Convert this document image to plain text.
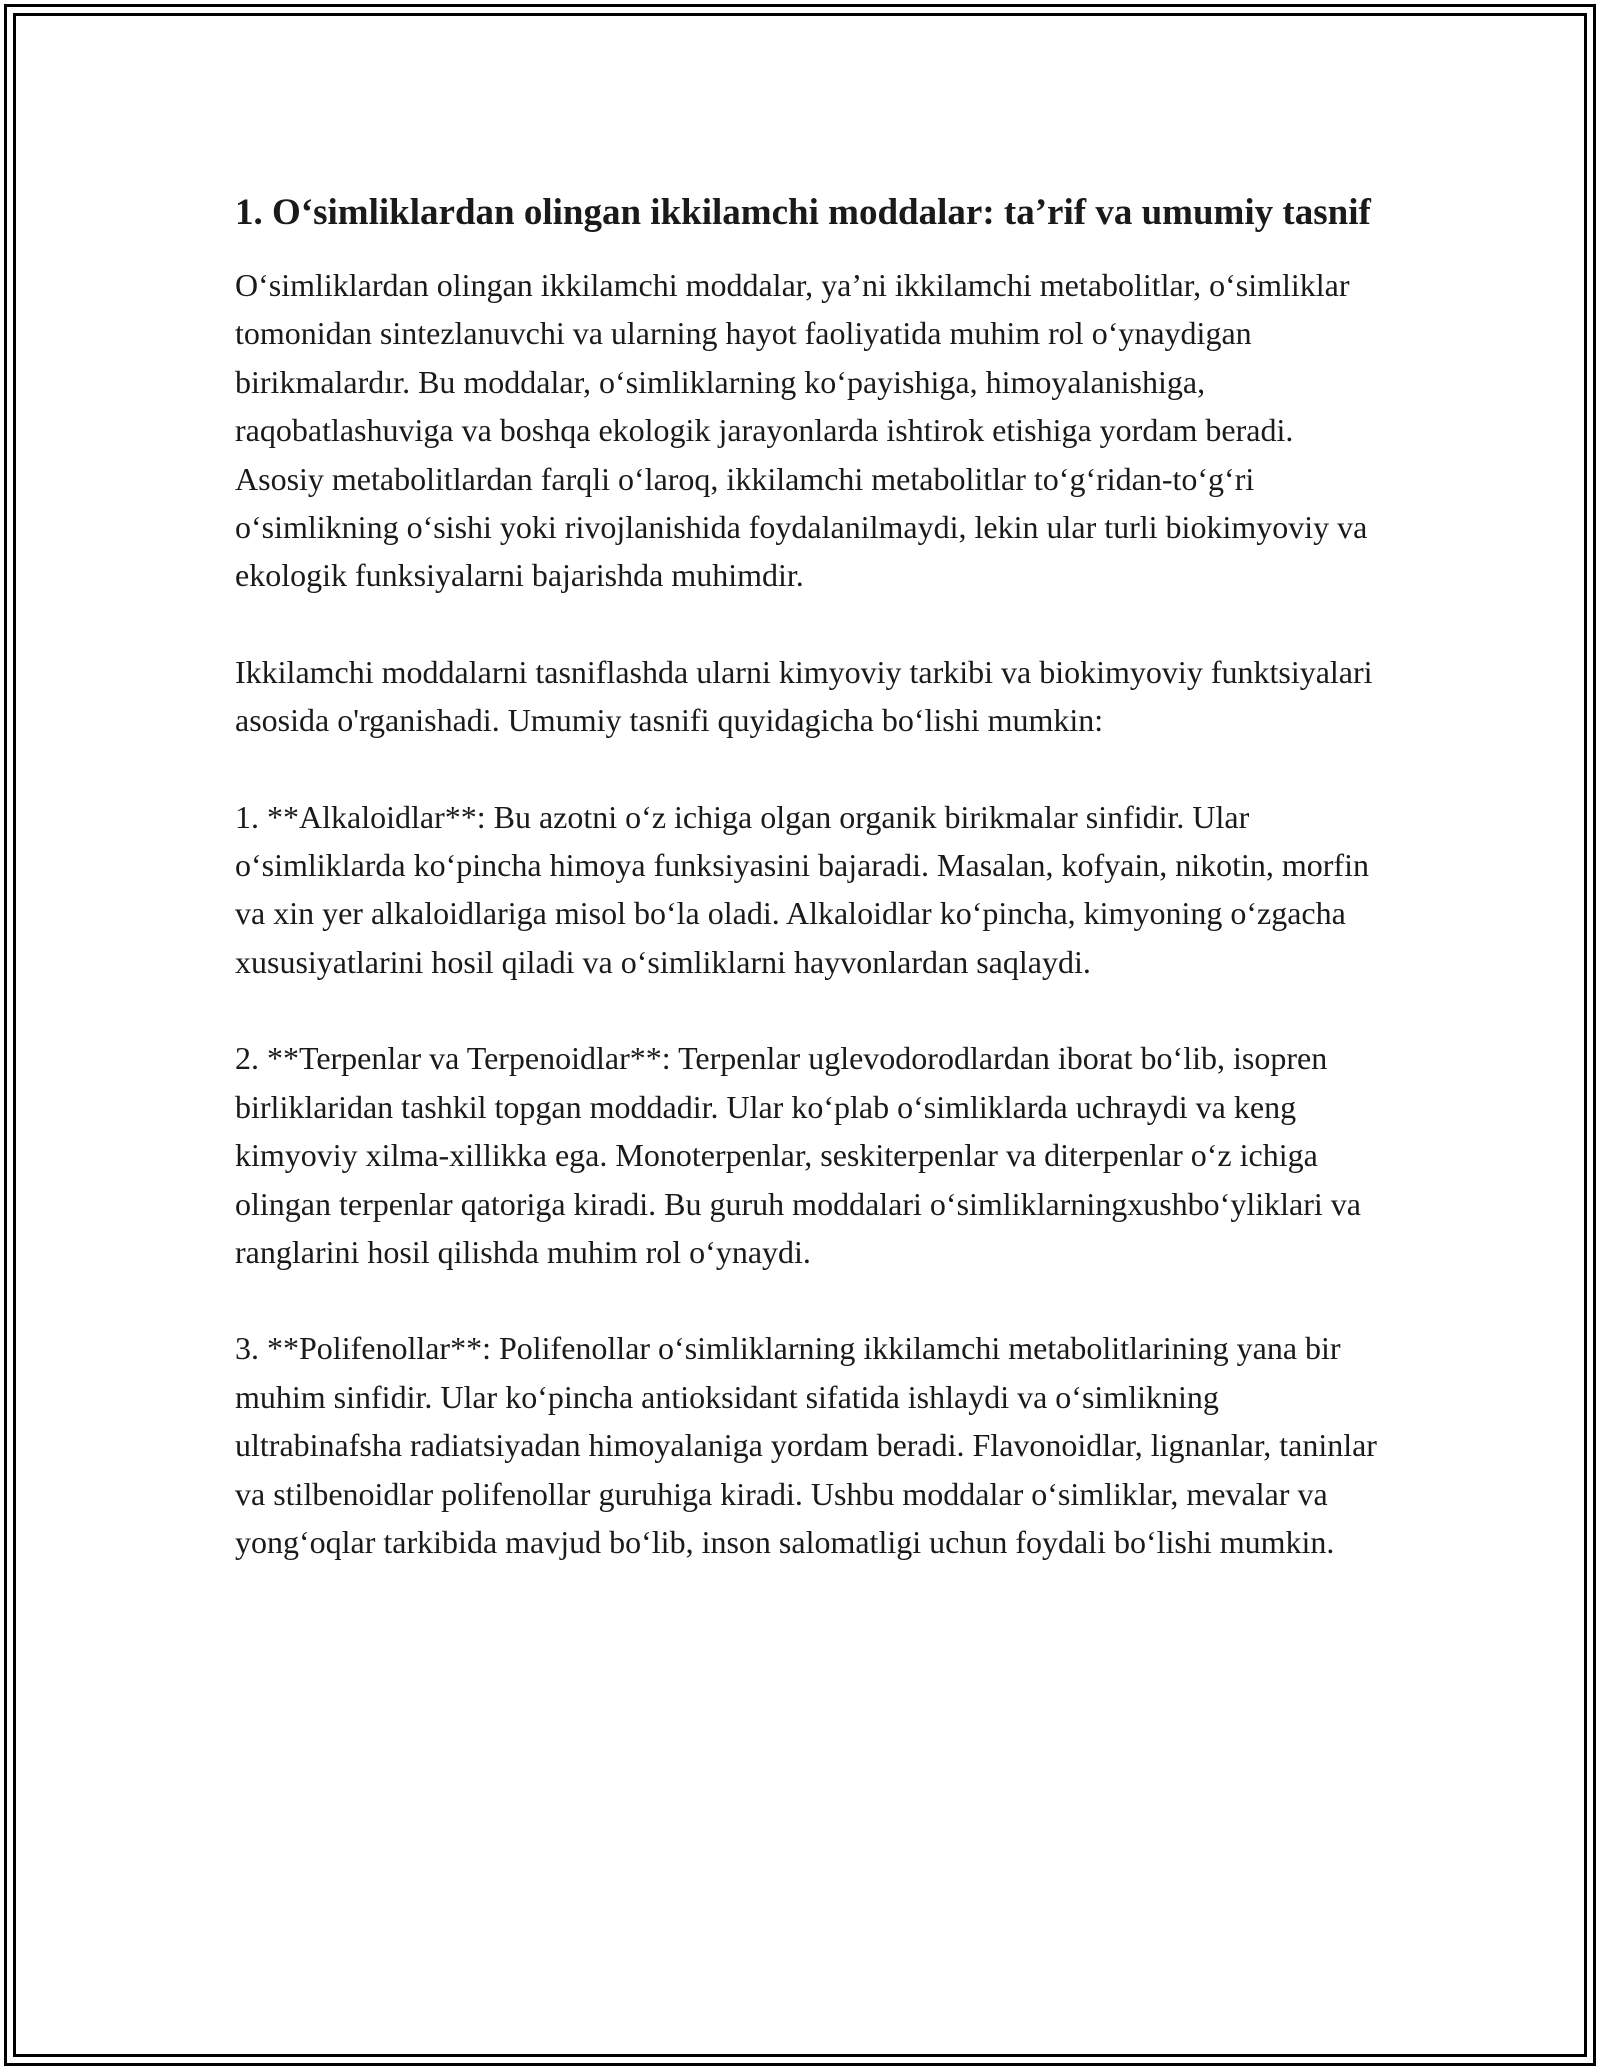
1. O‘simliklardan olingan ikkilamchi moddalar: ta’rif va umumiy tasnif

O‘simliklardan olingan ikkilamchi moddalar, ya’ni ikkilamchi metabolitlar, o‘simliklar tomonidan sintezlanuvchi va ularning hayot faoliyatida muhim rol o‘ynaydigan birikmalardır. Bu moddalar, o‘simliklarning ko‘payishiga, himoyalanishiga, raqobatlashuviga va boshqa ekologik jarayonlarda ishtirok etishiga yordam beradi. Asosiy metabolitlardan farqli o‘laroq, ikkilamchi metabolitlar to‘g‘ridan-to‘g‘ri o‘simlikning o‘sishi yoki rivojlanishida foydalanilmaydi, lekin ular turli biokimyoviy va ekologik funksiyalarni bajarishda muhimdir.

Ikkilamchi moddalarni tasniflashda ularni kimyoviy tarkibi va biokimyoviy funktsiyalari asosida o'rganishadi. Umumiy tasnifi quyidagicha bo‘lishi mumkin:

1. **Alkaloidlar**: Bu azotni o‘z ichiga olgan organik birikmalar sinfidir. Ular o‘simliklarda ko‘pincha himoya funksiyasini bajaradi. Masalan, kofyain, nikotin, morfin va xin yer alkaloidlariga misol bo‘la oladi. Alkaloidlar ko‘pincha, kimyoning o‘zgacha xususiyatlarini hosil qiladi va o‘simliklarni hayvonlardan saqlaydi.

2. **Terpenlar va Terpenoidlar**: Terpenlar uglevodorodlardan iborat bo‘lib, isopren birliklaridan tashkil topgan moddadir. Ular ko‘plab o‘simliklarda uchraydi va keng kimyoviy xilma-xillikka ega. Monoterpenlar, seskiterpenlar va diterpenlar o‘z ichiga olingan terpenlar qatoriga kiradi. Bu guruh moddalari o‘simliklarningxushbo‘yliklari va ranglarini hosil qilishda muhim rol o‘ynaydi.

3. **Polifenollar**: Polifenollar o‘simliklarning ikkilamchi metabolitlarining yana bir muhim sinfidir. Ular ko‘pincha antioksidant sifatida ishlaydi va o‘simlikning ultrabinafsha radiatsiyadan himoyalaniga yordam beradi. Flavonoidlar, lignanlar, taninlar va stilbenoidlar polifenollar guruhiga kiradi. Ushbu moddalar o‘simliklar, mevalar va yong‘oqlar tarkibida mavjud bo‘lib, inson salomatligi uchun foydali bo‘lishi mumkin.
